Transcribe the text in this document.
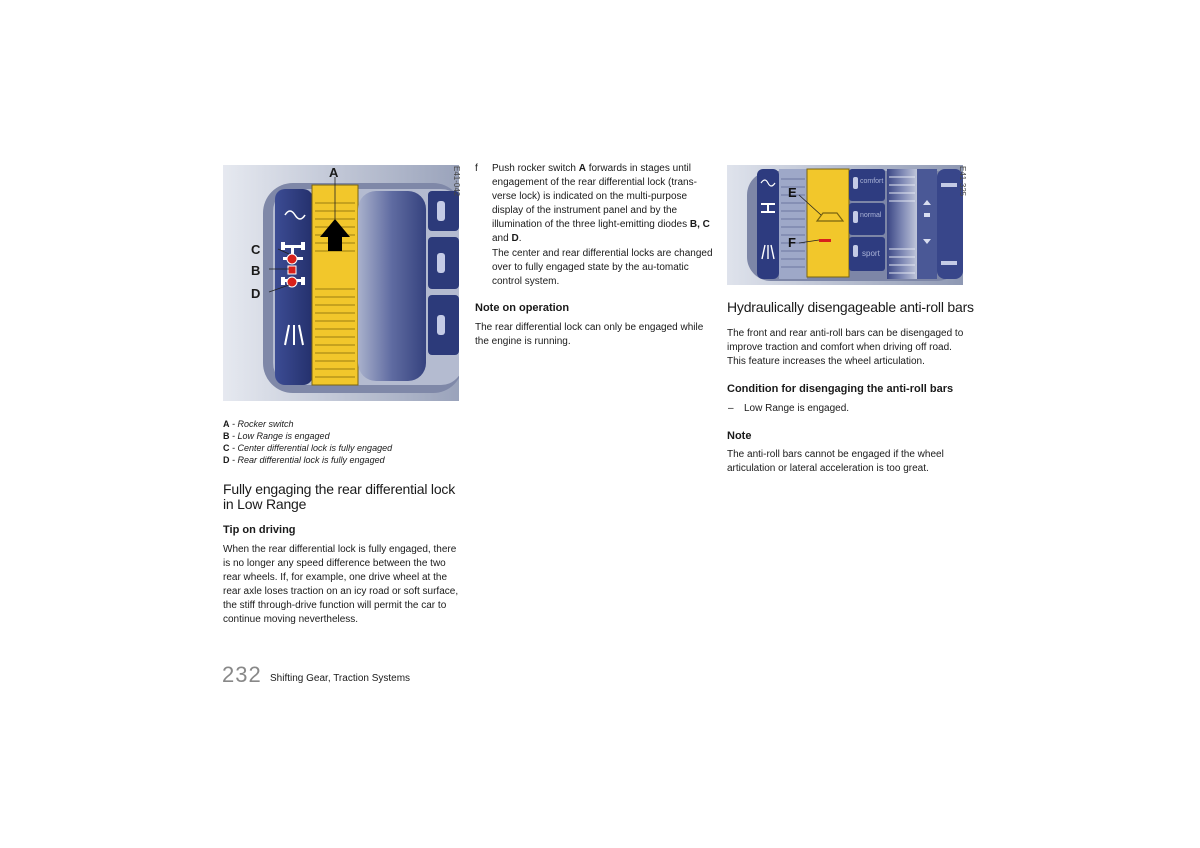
A
C
B
D
E41-042
A - Rocker switch
B - Low Range is engaged
C - Center differential lock is fully engaged
D - Rear differential lock is fully engaged
Fully engaging the rear differential lock in Low Range
Tip on driving
When the rear differential lock is fully engaged, there is no longer any speed difference between the two rear wheels. If, for example, one drive wheel at the rear axle loses traction on an icy road or soft surface, the stiff through-drive function will permit the car to continue moving nevertheless.
f Push rocker switch A forwards in stages until engagement of the rear differential lock (trans-verse lock) is indicated on the multi-purpose display of the instrument panel and by the illumination of the three light-emitting diodes B, C and D.
The center and rear differential locks are changed over to fully engaged state by the au-tomatic control system.
Note on operation
The rear differential lock can only be engaged while the engine is running.
E
F
comfort
normal
sport
E41-325
Hydraulically disengageable anti-roll bars
The front and rear anti-roll bars can be disengaged to improve traction and comfort when driving off road. This feature increases the wheel articulation.
Condition for disengaging the anti-roll bars
– Low Range is engaged.
Note
The anti-roll bars cannot be engaged if the wheel articulation or lateral acceleration is too great.
232 Shifting Gear, Traction Systems
